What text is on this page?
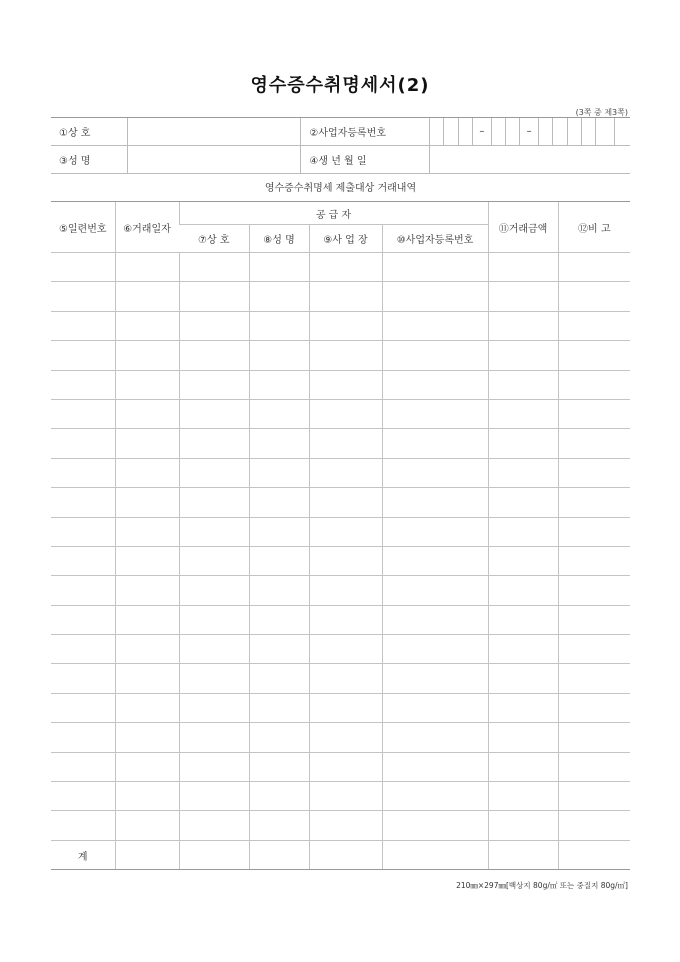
영수증수취명세서(2)
(3쪽 중 제3쪽)
①상 호		②사업자등록번호				–			–						
③성 명		④생 년 월 일													
영수증수취명세 제출대상 거래내역
⑤일련번호	⑥거래일자	공 급 자				⑪거래금액	⑫비 고
		⑦상 호	⑧성 명	⑨사 업 장	⑩사업자등록번호		

계							
210㎜×297㎜[백상지 80g/㎡ 또는 중질지 80g/㎡]
